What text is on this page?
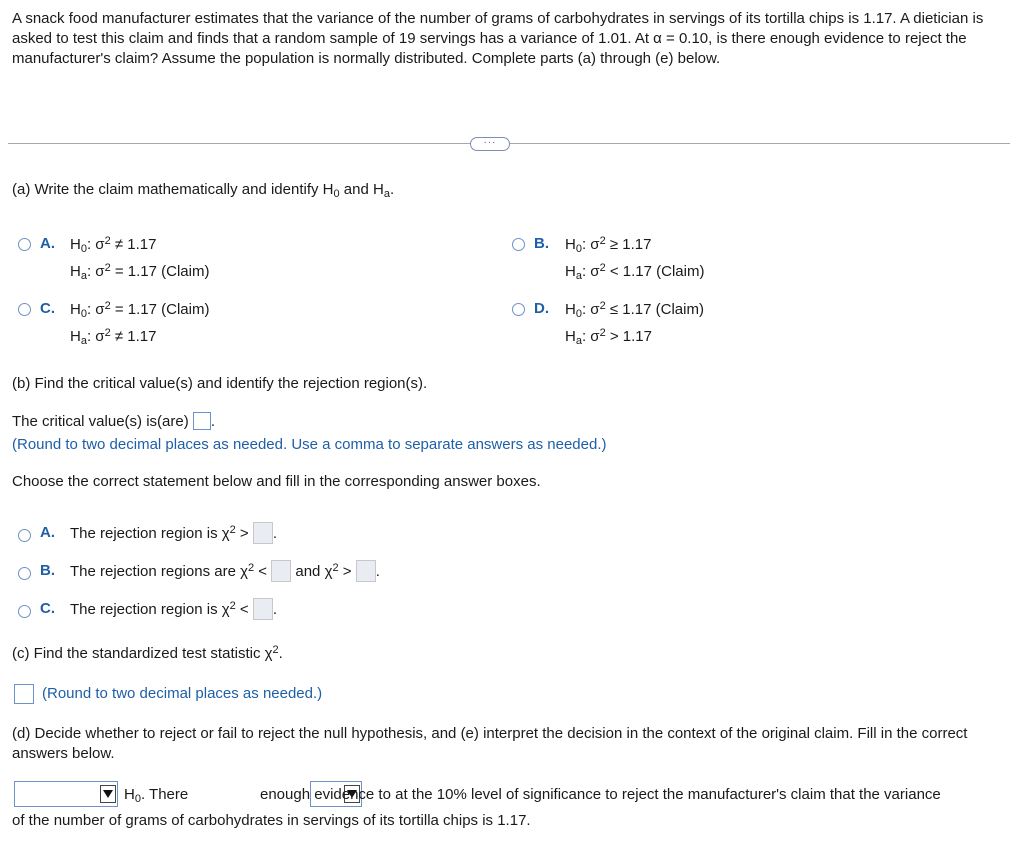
A snack food manufacturer estimates that the variance of the number of grams of carbohydrates in servings of its tortilla chips is 1.17. A dietician is asked to test this claim and finds that a random sample of 19 servings has a variance of 1.01. At α = 0.10, is there enough evidence to reject the manufacturer's claim? Assume the population is normally distributed. Complete parts (a) through (e) below.
···
(a) Write the claim mathematically and identify $H_0$ and $H_a$.
A. $H_0$: $\sigma^2 \ne 1.17$
$H_a$: $\sigma^2 = 1.17$ (Claim)
B. $H_0$: $\sigma^2 \ge 1.17$
$H_a$: $\sigma^2 < 1.17$ (Claim)
C. $H_0$: $\sigma^2 = 1.17$ (Claim)
$H_a$: $\sigma^2 \ne 1.17$
D. $H_0$: $\sigma^2 \le 1.17$ (Claim)
$H_a$: $\sigma^2 > 1.17$
(b) Find the critical value(s) and identify the rejection region(s).
The critical value(s) is(are) .
(Round to two decimal places as needed. Use a comma to separate answers as needed.)
Choose the correct statement below and fill in the corresponding answer boxes.
A. The rejection region is $\chi^2$ > .
B. The rejection regions are $\chi^2$ < and $\chi^2$ > .
C. The rejection region is $\chi^2$ < .
(c) Find the standardized test statistic $\chi^2$.
(Round to two decimal places as needed.)
(d) Decide whether to reject or fail to reject the null hypothesis, and (e) interpret the decision in the context of the original claim. Fill in the correct answers below.

$H_0$. There	enough evidence to at the 10% level of significance to reject the manufacturer's claim that the variance
of the number of grams of carbohydrates in servings of its tortilla chips is 1.17.
